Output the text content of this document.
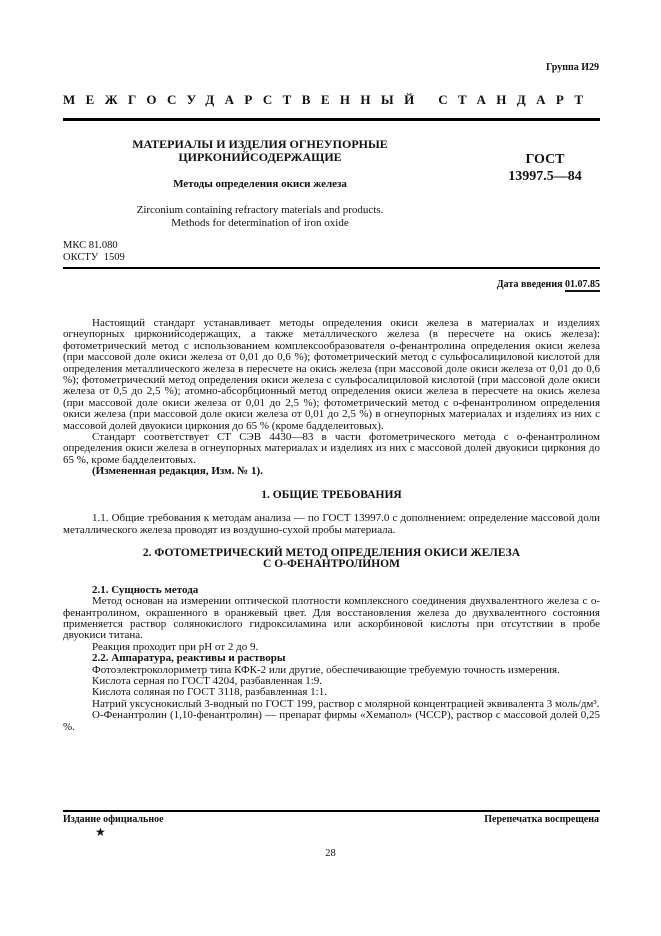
Группа И29
МЕЖГОСУДАРСТВЕННЫЙ СТАНДАРТ
МАТЕРИАЛЫ И ИЗДЕЛИЯ ОГНЕУПОРНЫЕ
ЦИРКОНИЙСОДЕРЖАЩИЕ
Методы определения окиси железа
Zirconium containing refractory materials and products.
Methods for determination of iron oxide
ГОСТ
13997.5—84
МКС 81.080
ОКСТУ 1509
Дата введения 01.07.85

Настоящий стандарт устанавливает методы определения окиси железа в материалах и изделиях огнеупорных цирконийсодержащих, а также металлического железа (в пересчете на окись железа): фотометрический метод с использованием комплексообразователя o-фенантролина определения окиси железа (при массовой доле окиси железа от 0,01 до 0,6 %); фотометрический метод с сульфосалициловой кислотой для определения металлического железа в пересчете на окись железа (при массовой доле окиси железа от 0,01 до 0,6 %); фотометрический метод определения окиси железа с сульфосалициловой кислотой (при массовой доле окиси железа от 0,5 до 2,5 %); атомно-абсорбционный метод определения окиси железа в пересчете на окись железа (при массовой доле окиси железа от 0,01 до 2,5 %); фотометрический метод с o-фенантролином определения окиси железа (при массовой доле окиси железа от 0,01 до 2,5 %) в огнеупорных материалах и изделиях из них с массовой долей двуокиси циркония до 65 % (кроме бадделеитовых).

Стандарт соответствует СТ СЭВ 4430—83 в части фотометрического метода с o-фенантролином определения окиси железа в огнеупорных материалах и изделиях из них с массовой долей двуокиси циркония до 65 %, кроме бадделеитовых.

(Измененная редакция, Изм. № 1).

1. ОБЩИЕ ТРЕБОВАНИЯ

1.1. Общие требования к методам анализа — по ГОСТ 13997.0 с дополнением: определение массовой доли металлического железа проводят из воздушно-сухой пробы материала.

2. ФОТОМЕТРИЧЕСКИЙ МЕТОД ОПРЕДЕЛЕНИЯ ОКИСИ ЖЕЛЕЗА

С О-ФЕНАНТРОЛИНОМ

2.1. Сущность метода

Метод основан на измерении оптической плотности комплексного соединения двухвалентного железа с o-фенантролином, окрашенного в оранжевый цвет. Для восстановления железа до двухвалентного состояния применяется раствор солянокислого гидроксиламина или аскорбиновой кислоты при отсутствии в пробе двуокиси титана.

Реакция проходит при pH от 2 до 9.

2.2. Аппаратура, реактивы и растворы

Фотоэлектроколориметр типа КФК-2 или другие, обеспечивающие требуемую точность измерения.

Кислота серная по ГОСТ 4204, разбавленная 1:9.

Кислота соляная по ГОСТ 3118, разбавленная 1:1.

Натрий уксуснокислый 3-водный по ГОСТ 199, раствор с молярной концентрацией эквивалента 3 моль/дм³.

O-Фенантролин (1,10-фенантролин) — препарат фирмы «Хемапол» (ЧССР), раствор с массовой долей 0,25 %.

Издание официальное	Перепечатка воспрещена
★
28
